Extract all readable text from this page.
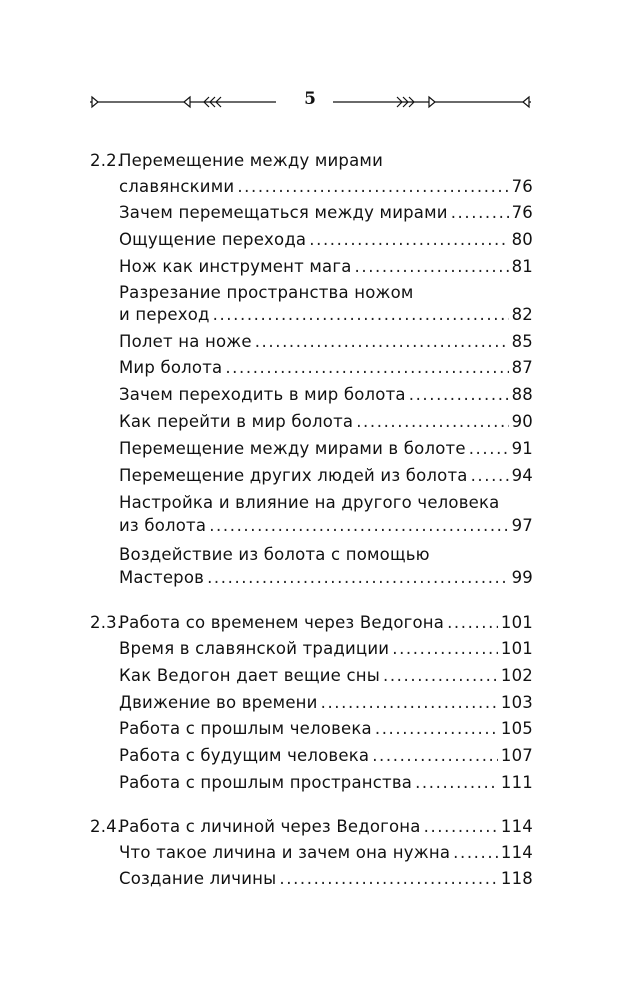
5
2.2.
Перемещение между мирами
славянскими .....	76
Зачем перемещаться между мирами .....	76
Ощущение перехода .....	80
Нож как инструмент мага .....	81
Разрезание пространства ножом
и переход .....	82
Полет на ноже .....	85
Мир болота .....	87
Зачем переходить в мир болота .....	88
Как перейти в мир болота .....	90
Перемещение между мирами в болоте .....	91
Перемещение других людей из болота .....	94
Настройка и влияние на другого человека
из болота .....	97
Воздействие из болота с помощью
Мастеров .....	99
2.3.
Работа со временем через Ведогона .....	101
Время в славянской традиции .....	101
Как Ведогон дает вещие сны .....	102
Движение во времени .....	103
Работа с прошлым человека .....	105
Работа с будущим человека .....	107
Работа с прошлым пространства .....	111
2.4.
Работа с личиной через Ведогона .....	114
Что такое личина и зачем она нужна .....	114
Создание личины .....	118
